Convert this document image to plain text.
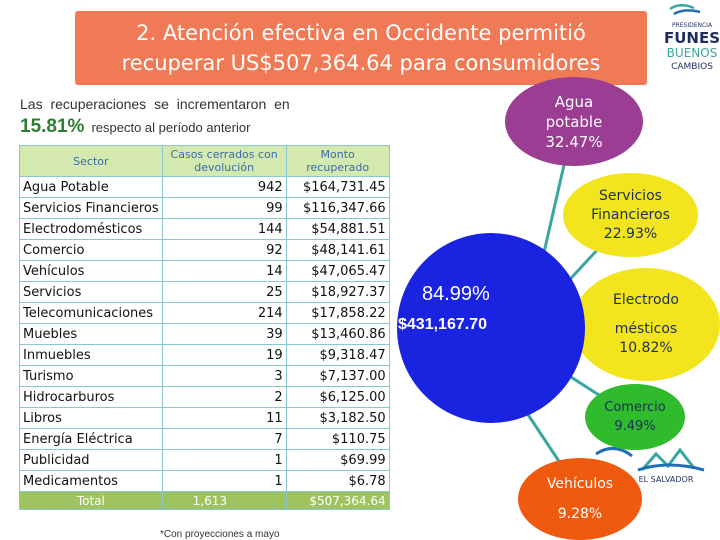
2. Atención efectiva en Occidente permitió
recuperar US$507,364.64 para consumidores
PRESIDENCIA
FUNES
BUENOS
CAMBIOS
Las recuperaciones se incrementaron en
15.81% respecto al período anterior
Sector	Casos cerrados con devolución	Monto recuperado
Agua Potable	942	$164,731.45
Servicios Financieros	99	$116,347.66
Electrodomésticos	144	$54,881.51
Comercio	92	$48,141.61
Vehículos	14	$47,065.47
Servicios	25	$18,927.37
Telecomunicaciones	214	$17,858.22
Muebles	39	$13,460.86
Inmuebles	19	$9,318.47
Turismo	3	$7,137.00
Hidrocarburos	2	$6,125.00
Libros	11	$3,182.50
Energía Eléctrica	7	$110.75
Publicidad	1	$69.99
Medicamentos	1	$6.78
Total	1,613	$507,364.64
*Con proyecciones a mayo
EL SALVADOR
Agua
potable
32.47%
Servicios
Financieros
22.93%
Electrodo
mésticos
10.82%
Comercio
9.49%
Vehículos
9.28%
84.99%
$431,167.70
